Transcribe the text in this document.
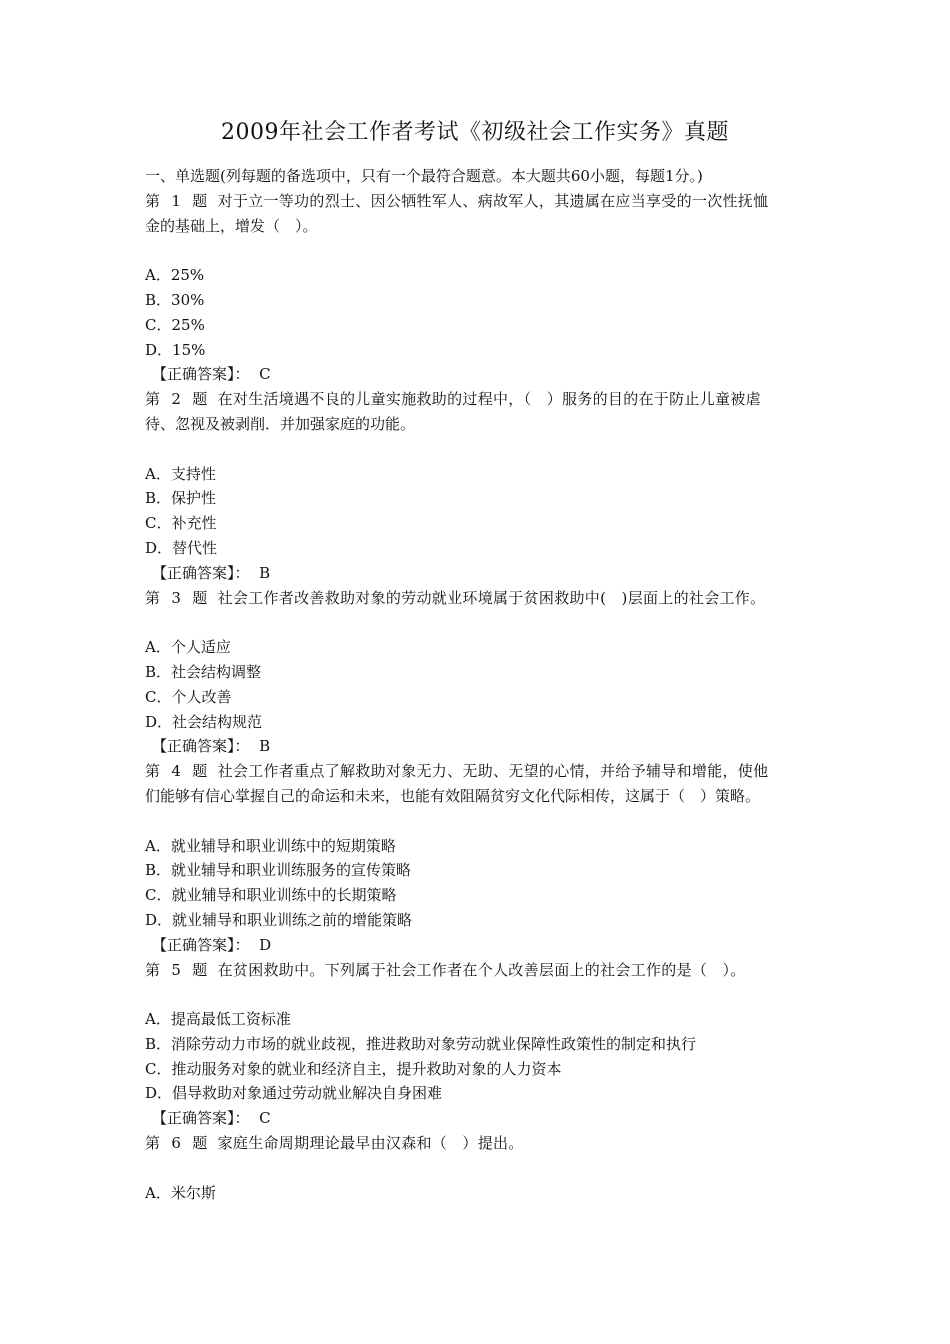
2009年社会工作者考试《初级社会工作实务》真题
一、单选题(列每题的备选项中，只有一个最符合题意。本大题共60小题，每题1分。)
第 1 题 对于立一等功的烈士、因公牺牲军人、病故军人，其遗属在应当享受的一次性抚恤
金的基础上，增发（　）。
A．25%
B．30%
C．25%
D．15%
【正确答案】： C
第 2 题 在对生活境遇不良的儿童实施救助的过程中，（　）服务的目的在于防止儿童被虐
待、忽视及被剥削．并加强家庭的功能。
A．支持性
B．保护性
C．补充性
D．替代性
【正确答案】： B
第 3 题 社会工作者改善救助对象的劳动就业环境属于贫困救助中(　)层面上的社会工作。
A．个人适应
B．社会结构调整
C．个人改善
D．社会结构规范
【正确答案】： B
第 4 题 社会工作者重点了解救助对象无力、无助、无望的心情，并给予辅导和增能，使他
们能够有信心掌握自己的命运和未来，也能有效阻隔贫穷文化代际相传，这属于（　）策略。
A．就业辅导和职业训练中的短期策略
B．就业辅导和职业训练服务的宣传策略
C．就业辅导和职业训练中的长期策略
D．就业辅导和职业训练之前的增能策略
【正确答案】： D
第 5 题 在贫困救助中。下列属于社会工作者在个人改善层面上的社会工作的是（　）。
A．提高最低工资标准
B．消除劳动力市场的就业歧视，推进救助对象劳动就业保障性政策性的制定和执行
C．推动服务对象的就业和经济自主，提升救助对象的人力资本
D．倡导救助对象通过劳动就业解决自身困难
【正确答案】： C
第 6 题 家庭生命周期理论最早由汉森和（　）提出。
A．米尔斯
